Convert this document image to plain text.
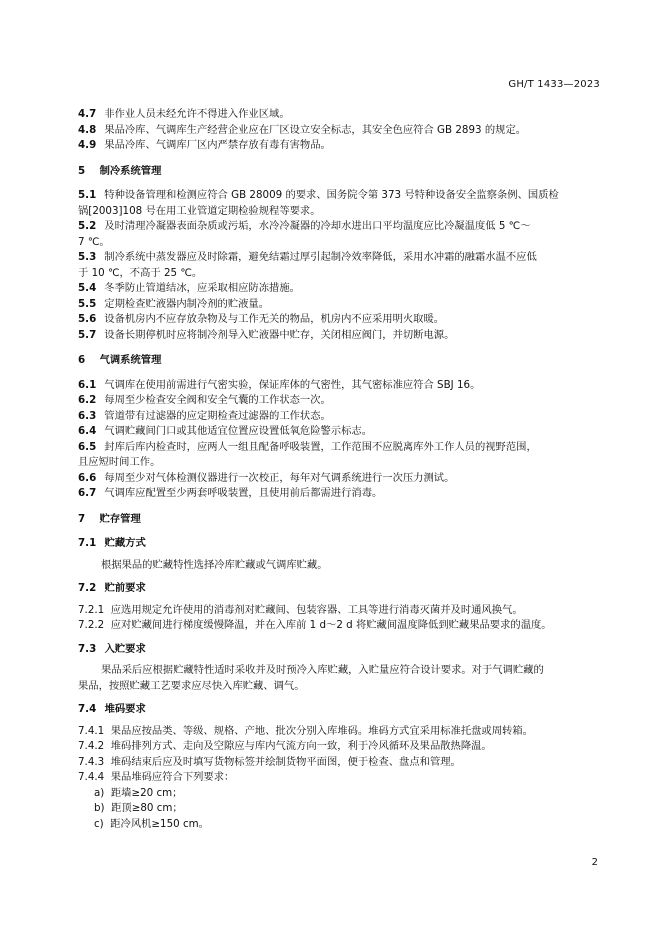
GH/T 1433—2023
4.7 非作业人员未经允许不得进入作业区域。
4.8 果品冷库、气调库生产经营企业应在厂区设立安全标志，其安全色应符合 GB 2893 的规定。
4.9 果品冷库、气调库厂区内严禁存放有毒有害物品。
5 制冷系统管理
5.1 特种设备管理和检测应符合 GB 28009 的要求、国务院令第 373 号特种设备安全监察条例、国质检
锅[2003]108 号在用工业管道定期检验规程等要求。
5.2 及时清理冷凝器表面杂质或污垢，水冷冷凝器的冷却水进出口平均温度应比冷凝温度低 5 ℃～
7 ℃。
5.3 制冷系统中蒸发器应及时除霜，避免结霜过厚引起制冷效率降低，采用水冲霜的融霜水温不应低
于 10 ℃，不高于 25 ℃。
5.4 冬季防止管道结冰，应采取相应防冻措施。
5.5 定期检查贮液器内制冷剂的贮液量。
5.6 设备机房内不应存放杂物及与工作无关的物品，机房内不应采用明火取暖。
5.7 设备长期停机时应将制冷剂导入贮液器中贮存，关闭相应阀门，并切断电源。
6 气调系统管理
6.1 气调库在使用前需进行气密实验，保证库体的气密性，其气密标准应符合 SBJ 16。
6.2 每周至少检查安全阀和安全气囊的工作状态一次。
6.3 管道带有过滤器的应定期检查过滤器的工作状态。
6.4 气调贮藏间门口或其他适宜位置应设置低氧危险警示标志。
6.5 封库后库内检查时，应两人一组且配备呼吸装置，工作范围不应脱离库外工作人员的视野范围，
且应短时间工作。
6.6 每周至少对气体检测仪器进行一次校正，每年对气调系统进行一次压力测试。
6.7 气调库应配置至少两套呼吸装置，且使用前后都需进行消毒。
7 贮存管理
7.1 贮藏方式
根据果品的贮藏特性选择冷库贮藏或气调库贮藏。
7.2 贮前要求
7.2.1 应选用规定允许使用的消毒剂对贮藏间、包装容器、工具等进行消毒灭菌并及时通风换气。
7.2.2 应对贮藏间进行梯度缓慢降温，并在入库前 1 d～2 d 将贮藏间温度降低到贮藏果品要求的温度。
7.3 入贮要求
果品采后应根据贮藏特性适时采收并及时预冷入库贮藏，入贮量应符合设计要求。对于气调贮藏的
果品，按照贮藏工艺要求应尽快入库贮藏、调气。
7.4 堆码要求
7.4.1 果品应按品类、等级、规格、产地、批次分别入库堆码。堆码方式宜采用标准托盘或周转箱。
7.4.2 堆码排列方式、走向及空隙应与库内气流方向一致，利于冷风循环及果品散热降温。
7.4.3 堆码结束后应及时填写货物标签并绘制货物平面图，便于检查、盘点和管理。
7.4.4 果品堆码应符合下列要求：
a) 距墙≥20 cm；
b) 距顶≥80 cm；
c) 距冷风机≥150 cm。
2
